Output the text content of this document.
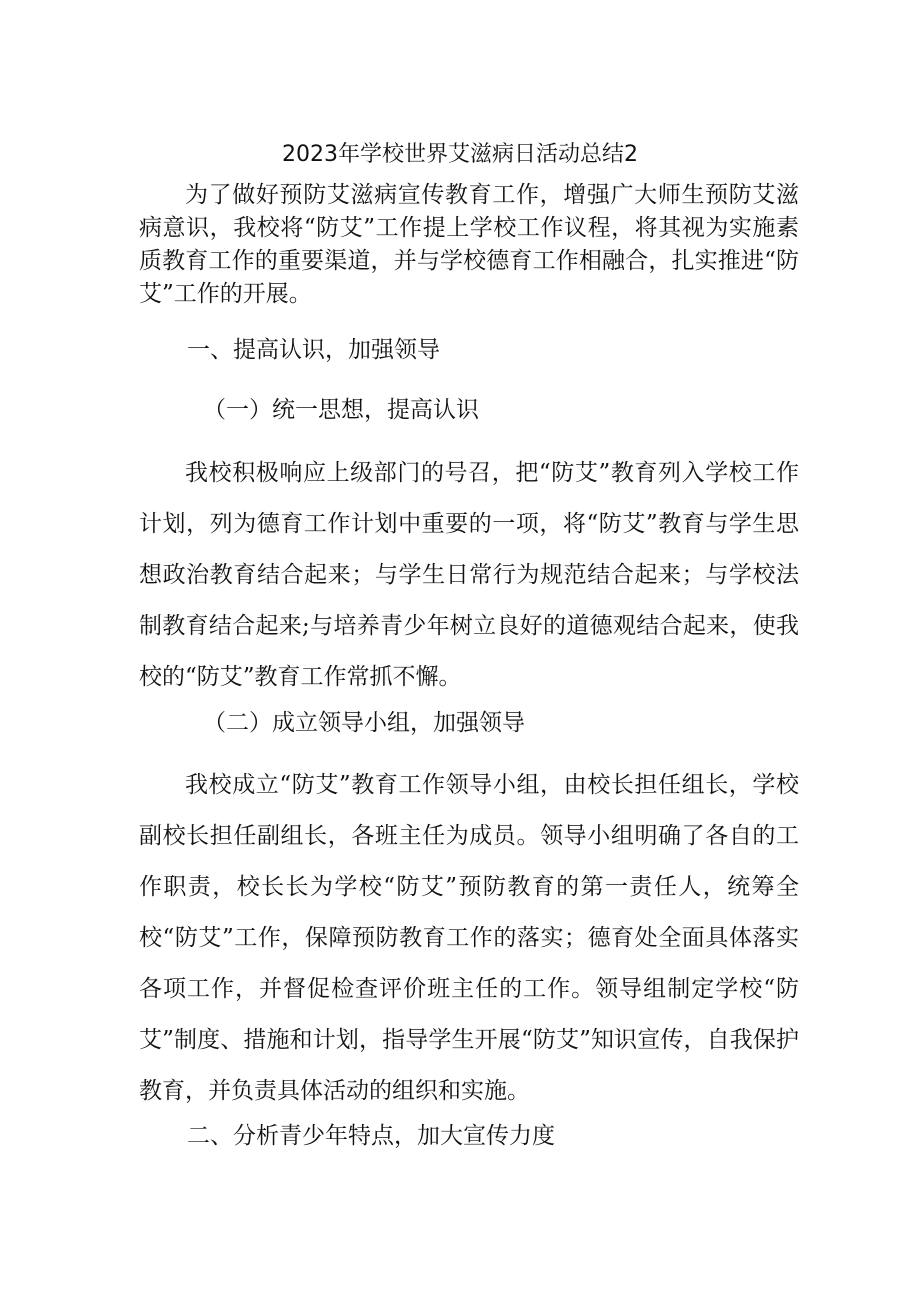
2023年学校世界艾滋病日活动总结2

为了做好预防艾滋病宣传教育工作，增强广大师生预防艾滋病意识，我校将“防艾”工作提上学校工作议程，将其视为实施素质教育工作的重要渠道，并与学校德育工作相融合，扎实推进“防艾”工作的开展。

一、提高认识，加强领导

（一）统一思想，提高认识

我校积极响应上级部门的号召，把“防艾”教育列入学校工作计划，列为德育工作计划中重要的一项，将“防艾”教育与学生思想政治教育结合起来；与学生日常行为规范结合起来；与学校法制教育结合起来;与培养青少年树立良好的道德观结合起来，使我校的“防艾”教育工作常抓不懈。

（二）成立领导小组，加强领导

我校成立“防艾”教育工作领导小组，由校长担任组长，学校副校长担任副组长，各班主任为成员。领导小组明确了各自的工作职责，校长长为学校“防艾”预防教育的第一责任人，统筹全校“防艾”工作，保障预防教育工作的落实；德育处全面具体落实各项工作，并督促检查评价班主任的工作。领导组制定学校“防艾”制度、措施和计划，指导学生开展“防艾”知识宣传，自我保护教育，并负责具体活动的组织和实施。

二、分析青少年特点，加大宣传力度
